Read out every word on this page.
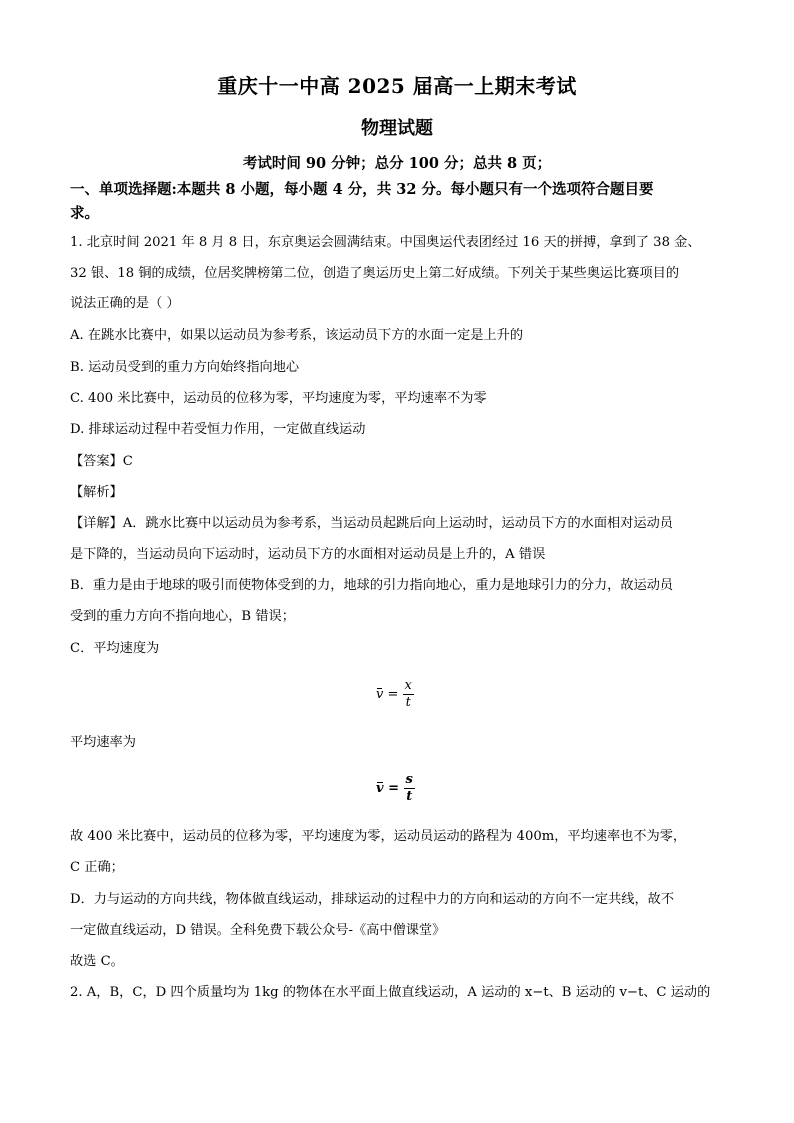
重庆十一中高 2025 届高一上期末考试
物理试题
考试时间 90 分钟；总分 100 分；总共 8 页；
一、单项选择题:本题共 8 小题，每小题 4 分，共 32 分。每小题只有一个选项符合题目要
求。
1. 北京时间 2021 年 8 月 8 日，东京奥运会圆满结束。中国奥运代表团经过 16 天的拼搏，拿到了 38 金、
32 银、18 铜的成绩，位居奖牌榜第二位，创造了奥运历史上第二好成绩。下列关于某些奥运比赛项目的
说法正确的是（ ）
A. 在跳水比赛中，如果以运动员为参考系，该运动员下方的水面一定是上升的
B. 运动员受到的重力方向始终指向地心
C. 400 米比赛中，运动员的位移为零，平均速度为零，平均速率不为零
D. 排球运动过程中若受恒力作用，一定做直线运动
【答案】C
【解析】
【详解】A．跳水比赛中以运动员为参考系，当运动员起跳后向上运动时，运动员下方的水面相对运动员
是下降的，当运动员向下运动时，运动员下方的水面相对运动员是上升的，A 错误
B．重力是由于地球的吸引而使物体受到的力，地球的引力指向地心，重力是地球引力的分力，故运动员
受到的重力方向不指向地心，B 错误；
C．平均速度为
$v = \frac{x}{t}$
平均速率为
$v = \frac{s}{t}$
故 400 米比赛中，运动员的位移为零，平均速度为零，运动员运动的路程为 400m，平均速率也不为零，
C 正确；
D．力与运动的方向共线，物体做直线运动，排球运动的过程中力的方向和运动的方向不一定共线，故不
一定做直线运动，D 错误。全科免费下载公众号-《高中僧课堂》
故选 C。
2. A，B，C，D 四个质量均为 1kg 的物体在水平面上做直线运动，A 运动的 x−t、B 运动的 v−t、C 运动的
